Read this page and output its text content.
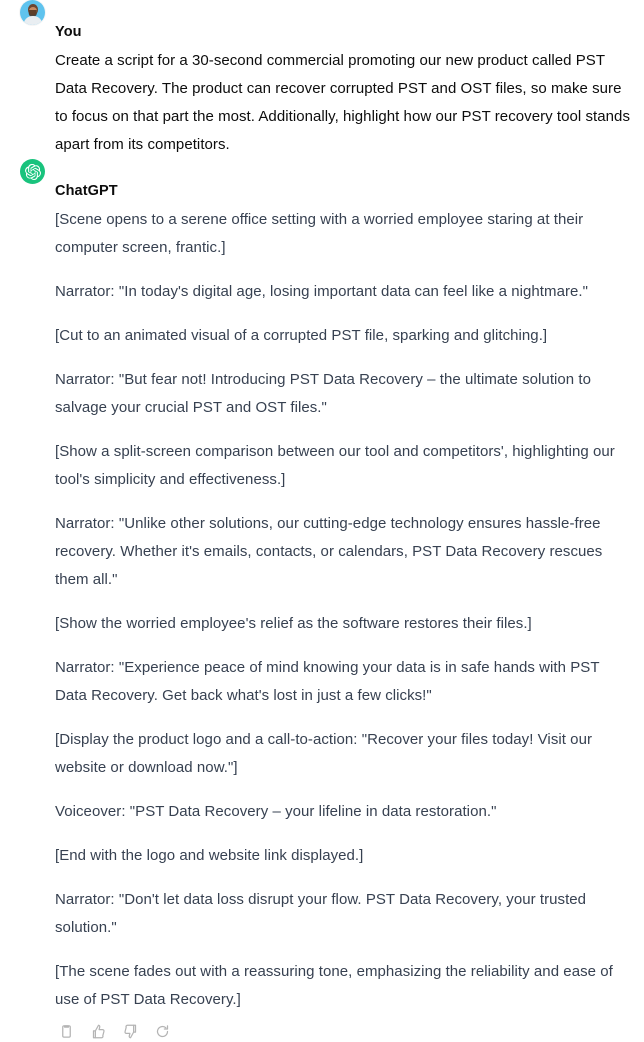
You

Create a script for a 30-second commercial promoting our new product called PST Data Recovery. The product can recover corrupted PST and OST files, so make sure to focus on that part the most. Additionally, highlight how our PST recovery tool stands apart from its competitors.

ChatGPT

[Scene opens to a serene office setting with a worried employee staring at their computer screen, frantic.]

Narrator: "In today's digital age, losing important data can feel like a nightmare."

[Cut to an animated visual of a corrupted PST file, sparking and glitching.]

Narrator: "But fear not! Introducing PST Data Recovery – the ultimate solution to salvage your crucial PST and OST files."

[Show a split-screen comparison between our tool and competitors', highlighting our tool's simplicity and effectiveness.]

Narrator: "Unlike other solutions, our cutting-edge technology ensures hassle-free recovery. Whether it's emails, contacts, or calendars, PST Data Recovery rescues them all."

[Show the worried employee's relief as the software restores their files.]

Narrator: "Experience peace of mind knowing your data is in safe hands with PST Data Recovery. Get back what's lost in just a few clicks!"

[Display the product logo and a call-to-action: "Recover your files today! Visit our website or download now."]

Voiceover: "PST Data Recovery – your lifeline in data restoration."

[End with the logo and website link displayed.]

Narrator: "Don't let data loss disrupt your flow. PST Data Recovery, your trusted solution."

[The scene fades out with a reassuring tone, emphasizing the reliability and ease of use of PST Data Recovery.]
